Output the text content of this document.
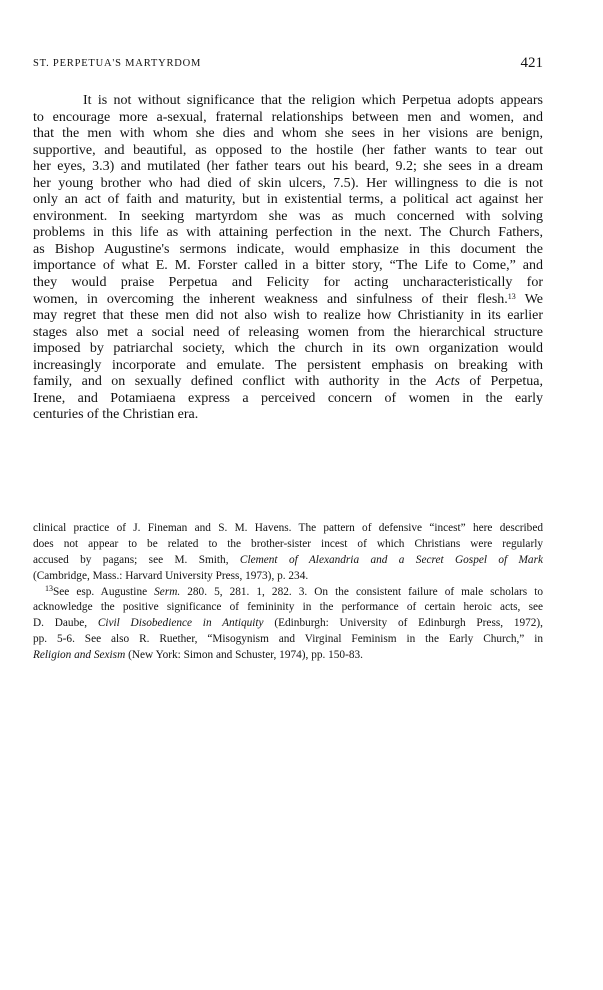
ST. PERPETUA'S MARTYRDOM	421
It is not without significance that the religion which Perpetua adopts appears
to encourage more a-sexual, fraternal relationships between men and women, and
that the men with whom she dies and whom she sees in her visions are benign,
supportive, and beautiful, as opposed to the hostile (her father wants to tear out
her eyes, 3.3) and mutilated (her father tears out his beard, 9.2; she sees in a dream
her young brother who had died of skin ulcers, 7.5). Her willingness to die is not
only an act of faith and maturity, but in existential terms, a political act against her
environment. In seeking martyrdom she was as much concerned with solving
problems in this life as with attaining perfection in the next. The Church Fathers,
as Bishop Augustine's sermons indicate, would emphasize in this document the
importance of what E. M. Forster called in a bitter story, “The Life to Come,” and
they would praise Perpetua and Felicity for acting uncharacteristically for
women, in overcoming the inherent weakness and sinfulness of their flesh.$^{13}$ We
may regret that these men did not also wish to realize how Christianity in its earlier
stages also met a social need of releasing women from the hierarchical structure
imposed by patriarchal society, which the church in its own organization would
increasingly incorporate and emulate. The persistent emphasis on breaking with
family, and on sexually defined conflict with authority in the Acts of Perpetua,
Irene, and Potamiaena express a perceived concern of women in the early
centuries of the Christian era.
clinical practice of J. Fineman and S. M. Havens. The pattern of defensive “incest” here described
does not appear to be related to the brother-sister incest of which Christians were regularly
accused by pagans; see M. Smith, Clement of Alexandria and a Secret Gospel of Mark
(Cambridge, Mass.: Harvard University Press, 1973), p. 234.
$^{13}$See esp. Augustine Serm. 280. 5, 281. 1, 282. 3. On the consistent failure of male scholars to
acknowledge the positive significance of femininity in the performance of certain heroic acts, see
D. Daube, Civil Disobedience in Antiquity (Edinburgh: University of Edinburgh Press, 1972),
pp. 5-6. See also R. Ruether, “Misogynism and Virginal Feminism in the Early Church,” in
Religion and Sexism (New York: Simon and Schuster, 1974), pp. 150-83.
